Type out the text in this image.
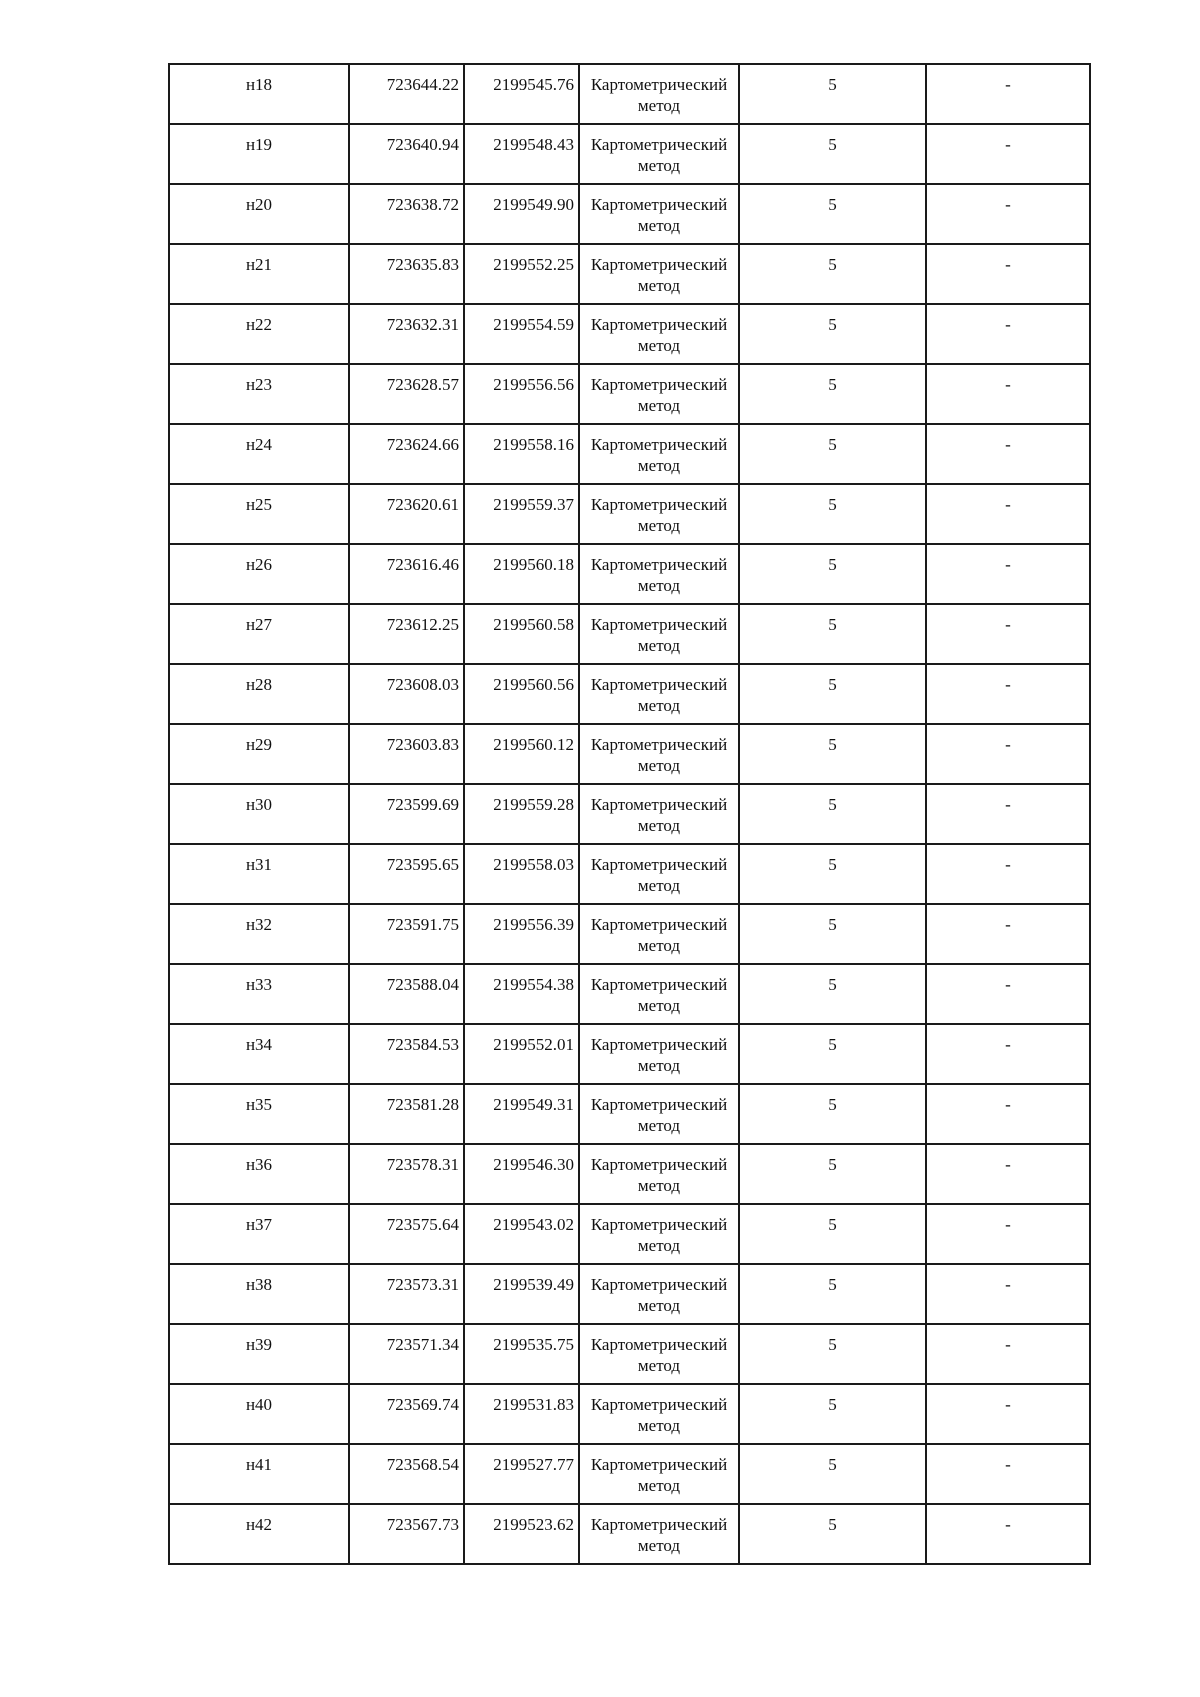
н18	723644.22	2199545.76	Картометрический метод	5	-
н19	723640.94	2199548.43	Картометрический метод	5	-
н20	723638.72	2199549.90	Картометрический метод	5	-
н21	723635.83	2199552.25	Картометрический метод	5	-
н22	723632.31	2199554.59	Картометрический метод	5	-
н23	723628.57	2199556.56	Картометрический метод	5	-
н24	723624.66	2199558.16	Картометрический метод	5	-
н25	723620.61	2199559.37	Картометрический метод	5	-
н26	723616.46	2199560.18	Картометрический метод	5	-
н27	723612.25	2199560.58	Картометрический метод	5	-
н28	723608.03	2199560.56	Картометрический метод	5	-
н29	723603.83	2199560.12	Картометрический метод	5	-
н30	723599.69	2199559.28	Картометрический метод	5	-
н31	723595.65	2199558.03	Картометрический метод	5	-
н32	723591.75	2199556.39	Картометрический метод	5	-
н33	723588.04	2199554.38	Картометрический метод	5	-
н34	723584.53	2199552.01	Картометрический метод	5	-
н35	723581.28	2199549.31	Картометрический метод	5	-
н36	723578.31	2199546.30	Картометрический метод	5	-
н37	723575.64	2199543.02	Картометрический метод	5	-
н38	723573.31	2199539.49	Картометрический метод	5	-
н39	723571.34	2199535.75	Картометрический метод	5	-
н40	723569.74	2199531.83	Картометрический метод	5	-
н41	723568.54	2199527.77	Картометрический метод	5	-
н42	723567.73	2199523.62	Картометрический метод	5	-
